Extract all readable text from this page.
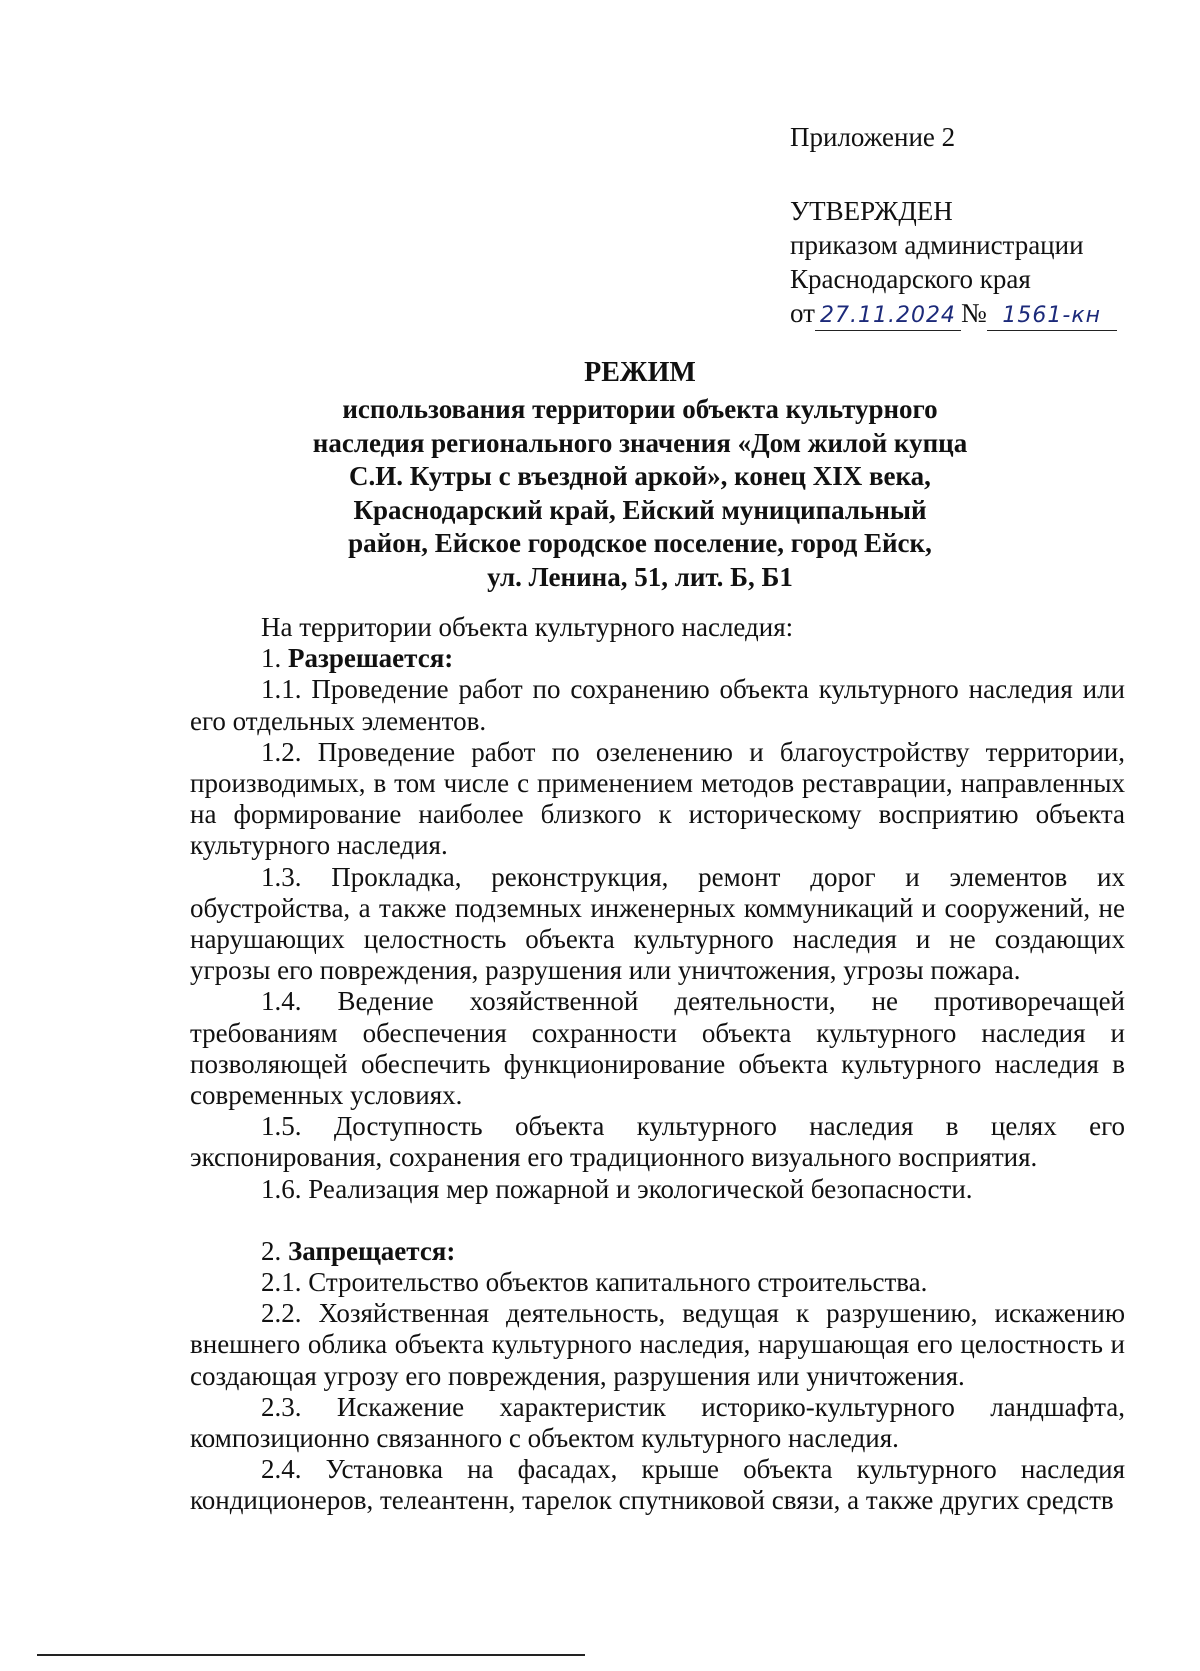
Приложение 2
УТВЕРЖДЕН
приказом администрации
Краснодарского края
от 27.11.2024 № 1561-кн
РЕЖИМ
использования территории объекта культурного
наследия регионального значения «Дом жилой купца
С.И. Кутры с въездной аркой», конец XIX века,
Краснодарский край, Ейский муниципальный
район, Ейское городское поселение, город Ейск,
ул. Ленина, 51, лит. Б, Б1

На территории объекта культурного наследия:

1. Разрешается:

1.1. Проведение работ по сохранению объекта культурного наследия или его отдельных элементов.

1.2. Проведение работ по озеленению и благоустройству территории, производимых, в том числе с применением методов реставрации, направленных на формирование наиболее близкого к историческому восприятию объекта культурного наследия.

1.3. Прокладка, реконструкция, ремонт дорог и элементов их обустройства, а также подземных инженерных коммуникаций и сооружений, не нарушающих целостность объекта культурного наследия и не создающих угрозы его повреждения, разрушения или уничтожения, угрозы пожара.

1.4. Ведение хозяйственной деятельности, не противоречащей требованиям обеспечения сохранности объекта культурного наследия и позволяющей обеспечить функционирование объекта культурного наследия в современных условиях.

1.5. Доступность объекта культурного наследия в целях его экспонирования, сохранения его традиционного визуального восприятия.

1.6. Реализация мер пожарной и экологической безопасности.

2. Запрещается:

2.1. Строительство объектов капитального строительства.

2.2. Хозяйственная деятельность, ведущая к разрушению, искажению внешнего облика объекта культурного наследия, нарушающая его целостность и создающая угрозу его повреждения, разрушения или уничтожения.

2.3. Искажение характеристик историко-культурного ландшафта, композиционно связанного с объектом культурного наследия.

2.4. Установка на фасадах, крыше объекта культурного наследия кондиционеров, телеантенн, тарелок спутниковой связи, а также других средств
